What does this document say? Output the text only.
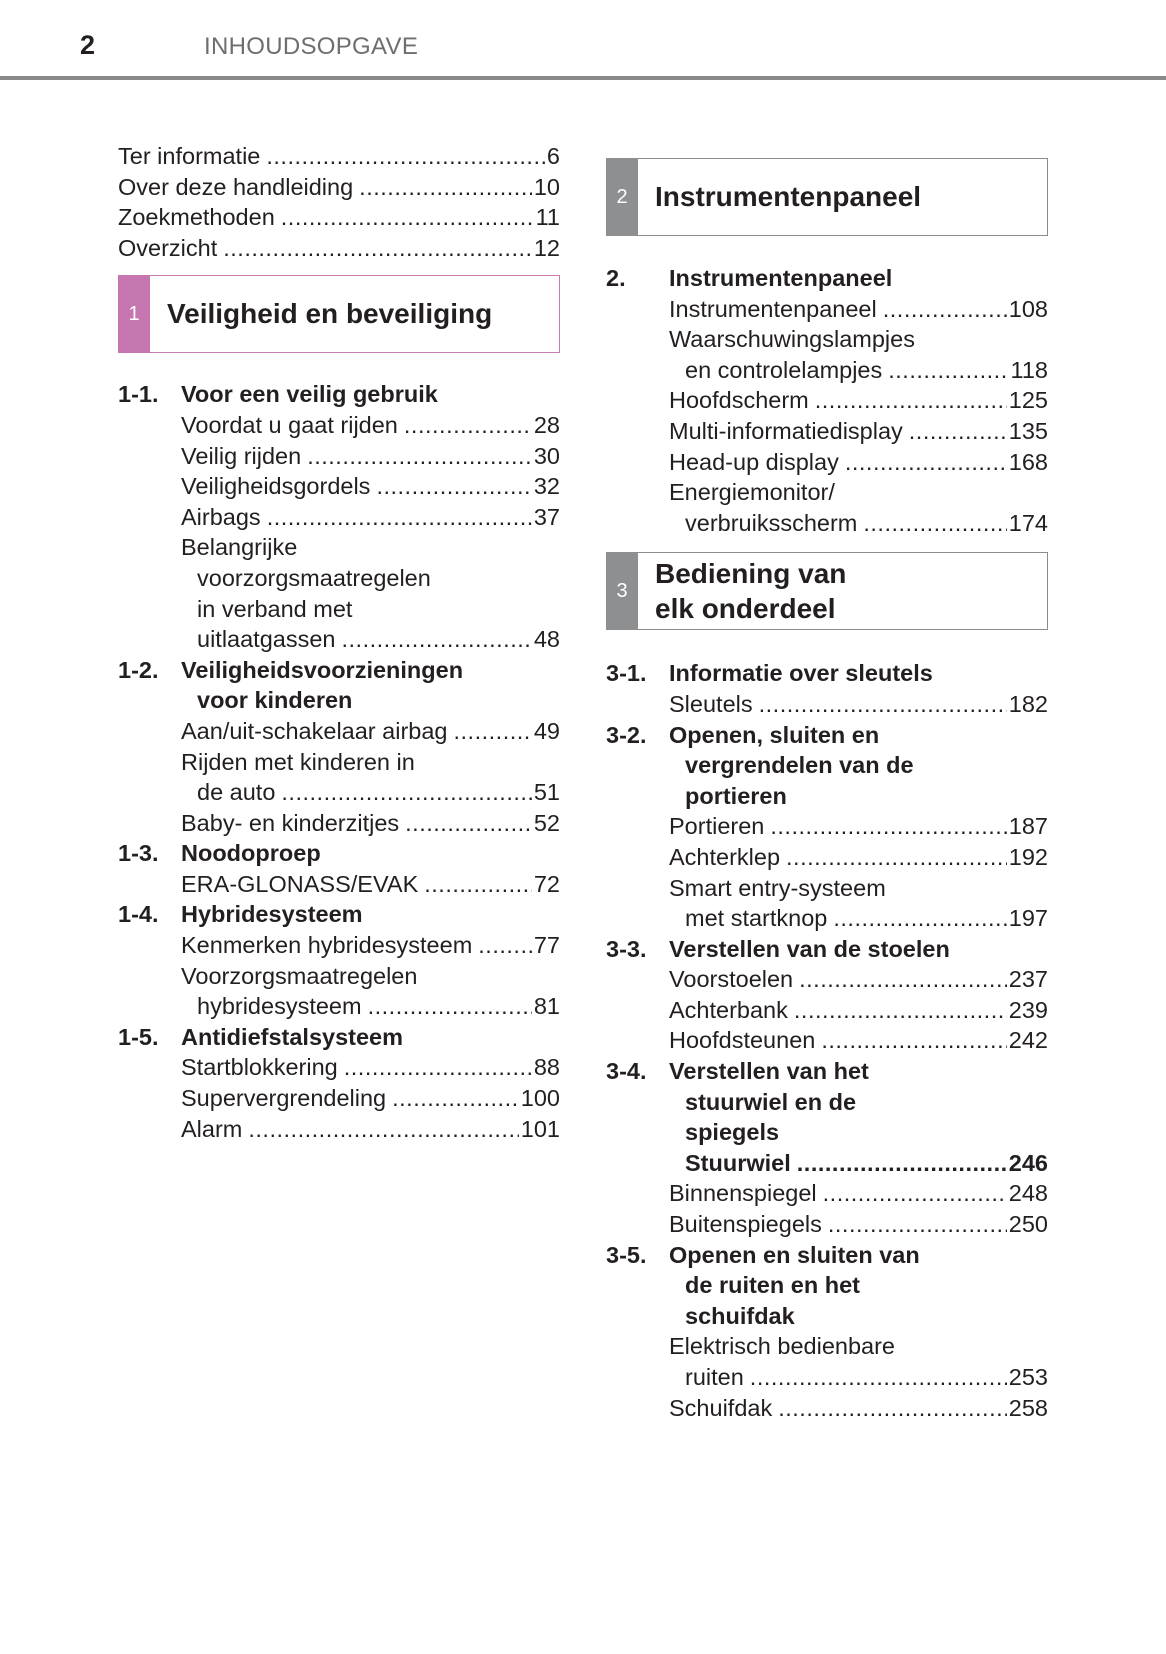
2	INHOUDSOPGAVE
Ter informatie .....	6
Over deze handleiding .....	10
Zoekmethoden .....	11
Overzicht .....	12
1 Veiligheid en beveiliging
1-1. Voor een veilig gebruik
Voordat u gaat rijden .....	28
Veilig rijden .....	30
Veiligheidsgordels .....	32
Airbags .....	37
Belangrijke
voorzorgsmaatregelen
in verband met
uitlaatgassen .....	48
1-2. Veiligheidsvoorzieningen
voor kinderen
Aan/uit-schakelaar airbag .....	49
Rijden met kinderen in
de auto .....	51
Baby- en kinderzitjes .....	52
1-3. Noodoproep
ERA-GLONASS/EVAK .....	72
1-4. Hybridesysteem
Kenmerken hybridesysteem .....	77
Voorzorgsmaatregelen
hybridesysteem .....	81
1-5. Antidiefstalsysteem
Startblokkering .....	88
Supervergrendeling .....	100
Alarm .....	101
2 Instrumentenpaneel
2.	Instrumentenpaneel
Instrumentenpaneel .....	108
Waarschuwingslampjes
en controlelampjes .....	118
Hoofdscherm .....	125
Multi-informatiedisplay .....	135
Head-up display .....	168
Energiemonitor/
verbruiksscherm .....	174
3
Bediening van
elk onderdeel
3-1. Informatie over sleutels
Sleutels .....	182
3-2. Openen, sluiten en
vergrendelen van de
portieren
Portieren .....	187
Achterklep .....	192
Smart entry-systeem
met startknop .....	197
3-3. Verstellen van de stoelen
Voorstoelen .....	237
Achterbank .....	239
Hoofdsteunen .....	242
3-4. Verstellen van het
stuurwiel en de
spiegels
Stuurwiel .....	246
Binnenspiegel .....	248
Buitenspiegels .....	250
3-5. Openen en sluiten van
de ruiten en het
schuifdak
Elektrisch bedienbare
ruiten .....	253
Schuifdak .....	258
